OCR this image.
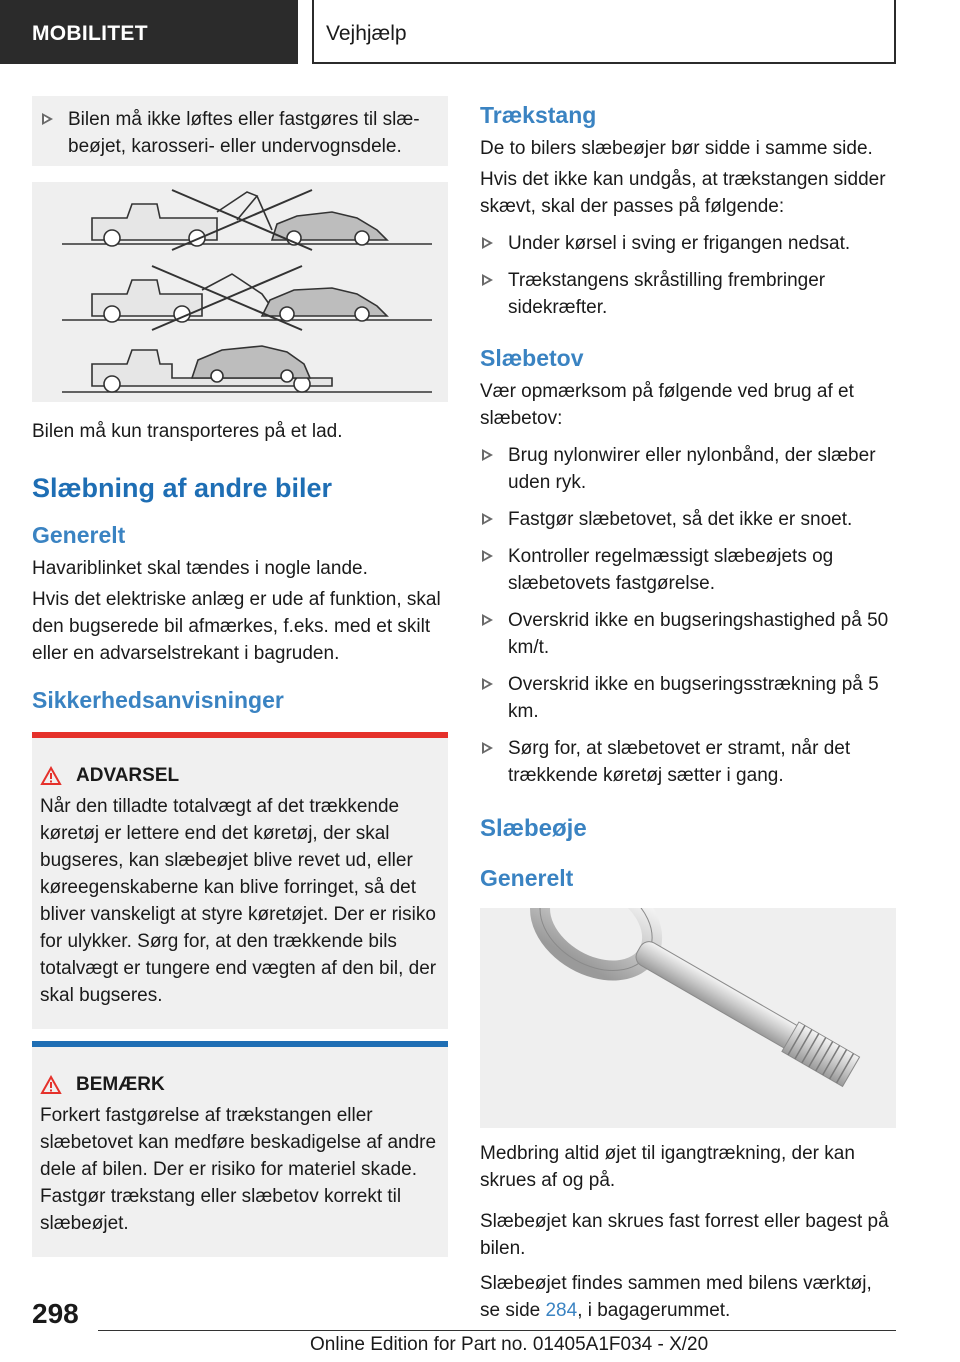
MOBILITET	Vejhjælp
Bilen må ikke løftes eller fastgøres til slæ-
beøjet, karosseri- eller undervognsdele.

Bilen må kun transporteres på et lad.

Slæbning af andre biler
Generelt

Havariblinket skal tændes i nogle lande.

Hvis det elektriske anlæg er ude af funktion, skal den bugserede bil afmærkes, f.eks. med et skilt eller en advarselstrekant i bagruden.

Sikkerhedsanvisninger
ADVARSEL

Når den tilladte totalvægt af det trækkende køretøj er lettere end det køretøj, der skal bugseres, kan slæbeøjet blive revet ud, eller køreegenskaberne kan blive forringet, så det bliver vanskeligt at styre køretøjet. Der er risiko for ulykker. Sørg for, at den trækkende bils totalvægt er tungere end vægten af den bil, der skal bugseres.

BEMÆRK

Forkert fastgørelse af trækstangen eller slæbetovet kan medføre beskadigelse af andre dele af bilen. Der er risiko for materiel skade. Fastgør trækstang eller slæbetov korrekt til slæbeøjet.

Trækstang

De to bilers slæbeøjer bør sidde i samme side.

Hvis det ikke kan undgås, at trækstangen sidder skævt, skal der passes på følgende:

Under kørsel i sving er frigangen nedsat.
Trækstangens skråstilling frembringer sidekræfter.
Slæbetov

Vær opmærksom på følgende ved brug af et slæbetov:

Brug nylonwirer eller nylonbånd, der slæber uden ryk.
Fastgør slæbetovet, så det ikke er snoet.
Kontroller regelmæssigt slæbeøjets og slæbetovets fastgørelse.
Overskrid ikke en bugseringshastighed på 50 km/t.
Overskrid ikke en bugseringsstrækning på 5 km.
Sørg for, at slæbetovet er stramt, når det trækkende køretøj sætter i gang.
Slæbeøje
Generelt

Medbring altid øjet til igangtrækning, der kan skrues af og på.

Slæbeøjet kan skrues fast forrest eller bagest på bilen.

Slæbeøjet findes sammen med bilens værktøj, se side 284, i bagagerummet.

298
Online Edition for Part no. 01405A1F034 - X/20
